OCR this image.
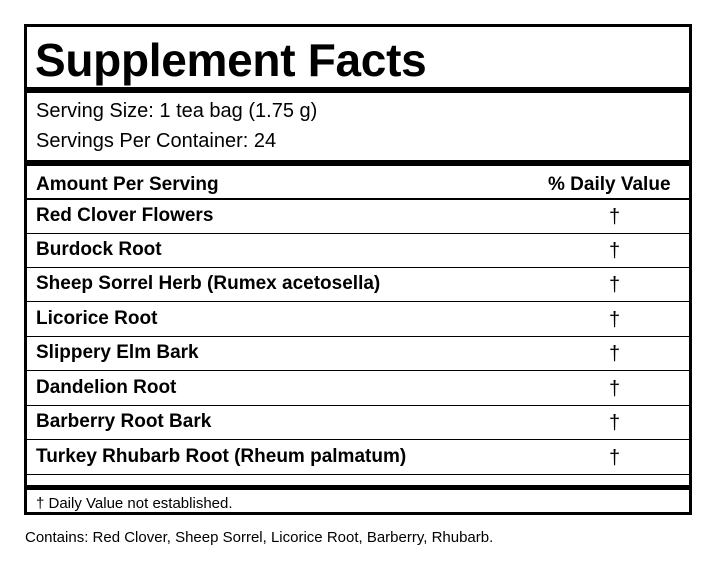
Supplement Facts
Serving Size: 1 tea bag (1.75 g)
Servings Per Container: 24
Amount Per Serving	% Daily Value
Red Clover Flowers	†
Burdock Root	†
Sheep Sorrel Herb (Rumex acetosella)	†
Licorice Root	†
Slippery Elm Bark	†
Dandelion Root	†
Barberry Root Bark	†
Turkey Rhubarb Root (Rheum palmatum)	†
† Daily Value not established.
Contains: Red Clover, Sheep Sorrel, Licorice Root, Barberry, Rhubarb.
